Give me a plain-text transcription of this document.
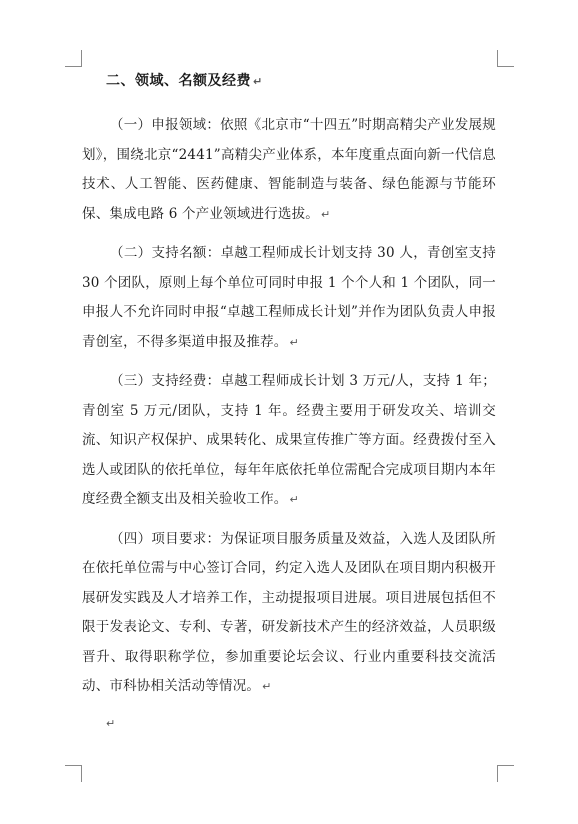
二、领域、名额及经费 ↵

（一）申报领域：依照《北京市“十四五”时期高精尖产业发展规划》，围绕北京“2441”高精尖产业体系，本年度重点面向新一代信息技术、人工智能、医药健康、智能制造与装备、绿色能源与节能环保、集成电路 6 个产业领域进行选拔。 ↵

（二）支持名额：卓越工程师成长计划支持 30 人，青创室支持 30 个团队，原则上每个单位可同时申报 1 个个人和 1 个团队，同一申报人不允许同时申报“卓越工程师成长计划”并作为团队负责人申报青创室，不得多渠道申报及推荐。 ↵

（三）支持经费：卓越工程师成长计划 3 万元/人，支持 1 年；青创室 5 万元/团队，支持 1 年。经费主要用于研发攻关、培训交流、知识产权保护、成果转化、成果宣传推广等方面。经费拨付至入选人或团队的依托单位，每年年底依托单位需配合完成项目期内本年度经费全额支出及相关验收工作。 ↵

（四）项目要求：为保证项目服务质量及效益，入选人及团队所在依托单位需与中心签订合同，约定入选人及团队在项目期内积极开展研发实践及人才培养工作，主动提报项目进展。项目进展包括但不限于发表论文、专利、专著，研发新技术产生的经济效益，人员职级晋升、取得职称学位，参加重要论坛会议、行业内重要科技交流活动、市科协相关活动等情况。 ↵

↵
